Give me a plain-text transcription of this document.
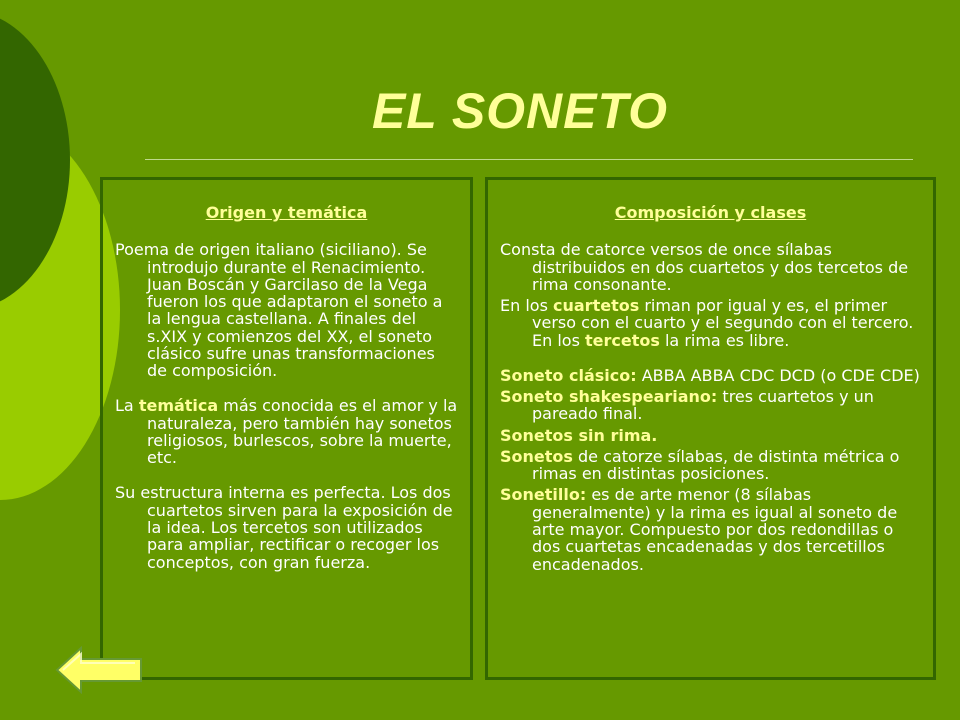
EL SONETO

Origen y temática

Poema de origen italiano (siciliano). Se introdujo durante el Renacimiento. Juan Boscán y Garcilaso de la Vega fueron los que adaptaron el soneto a la lengua castellana. A finales del s.XIX y comienzos del XX, el soneto clásico sufre unas transformaciones de composición.

La temática más conocida es el amor y la naturaleza, pero también hay sonetos religiosos, burlescos, sobre la muerte, etc.

Su estructura interna es perfecta. Los dos cuartetos sirven para la exposición de la idea. Los tercetos son utilizados para ampliar, rectificar o recoger los conceptos, con gran fuerza.

Composición y clases

Consta de catorce versos de once sílabas distribuidos en dos cuartetos y dos tercetos de rima consonante.

En los cuartetos riman por igual y es, el primer verso con el cuarto y el segundo con el tercero. En los tercetos la rima es libre.

Soneto clásico: ABBA ABBA CDC DCD (o CDE CDE)

Soneto shakespeariano: tres cuartetos y un pareado final.

Sonetos sin rima.

Sonetos de catorze sílabas, de distinta métrica o rimas en distintas posiciones.

Sonetillo: es de arte menor (8 sílabas generalmente) y la rima es igual al soneto de arte mayor. Compuesto por dos redondillas o dos cuartetas encadenadas y dos tercetillos encadenados.
